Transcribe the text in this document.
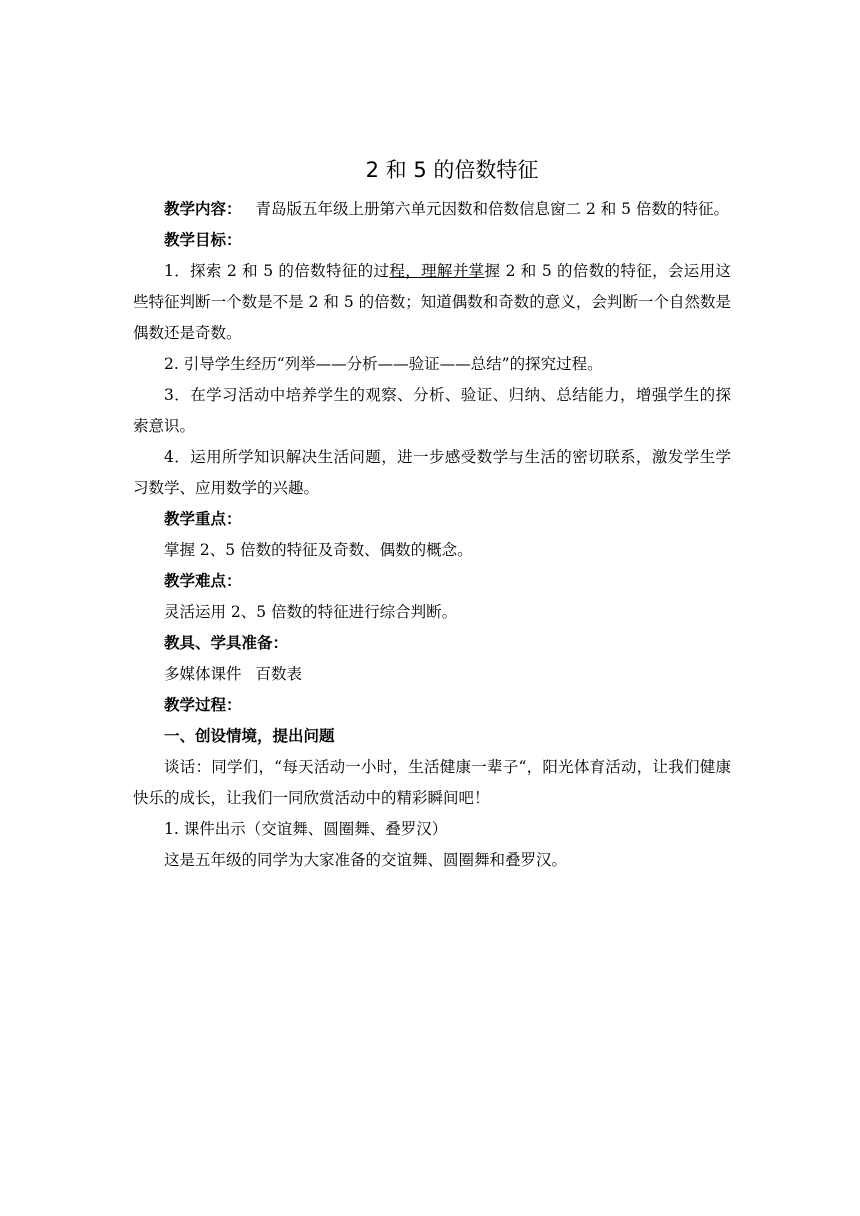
2 和 5 的倍数特征

教学内容： 青岛版五年级上册第六单元因数和倍数信息窗二 2 和 5 倍数的特征。

教学目标：

1．探索 2 和 5 的倍数特征的过程，理解并掌握 2 和 5 的倍数的特征，会运用这些特征判断一个数是不是 2 和 5 的倍数；知道偶数和奇数的意义，会判断一个自然数是偶数还是奇数。

2. 引导学生经历“列举——分析——验证——总结”的探究过程。

3．在学习活动中培养学生的观察、分析、验证、归纳、总结能力，增强学生的探索意识。

4．运用所学知识解决生活问题，进一步感受数学与生活的密切联系，激发学生学习数学、应用数学的兴趣。

教学重点：

掌握 2、5 倍数的特征及奇数、偶数的概念。

教学难点：

灵活运用 2、5 倍数的特征进行综合判断。

教具、学具准备：

多媒体课件 百数表

教学过程：

一、创设情境，提出问题

谈话：同学们，“每天活动一小时，生活健康一辈子“，阳光体育活动，让我们健康快乐的成长，让我们一同欣赏活动中的精彩瞬间吧！

1. 课件出示（交谊舞、圆圈舞、叠罗汉）

这是五年级的同学为大家准备的交谊舞、圆圈舞和叠罗汉。
